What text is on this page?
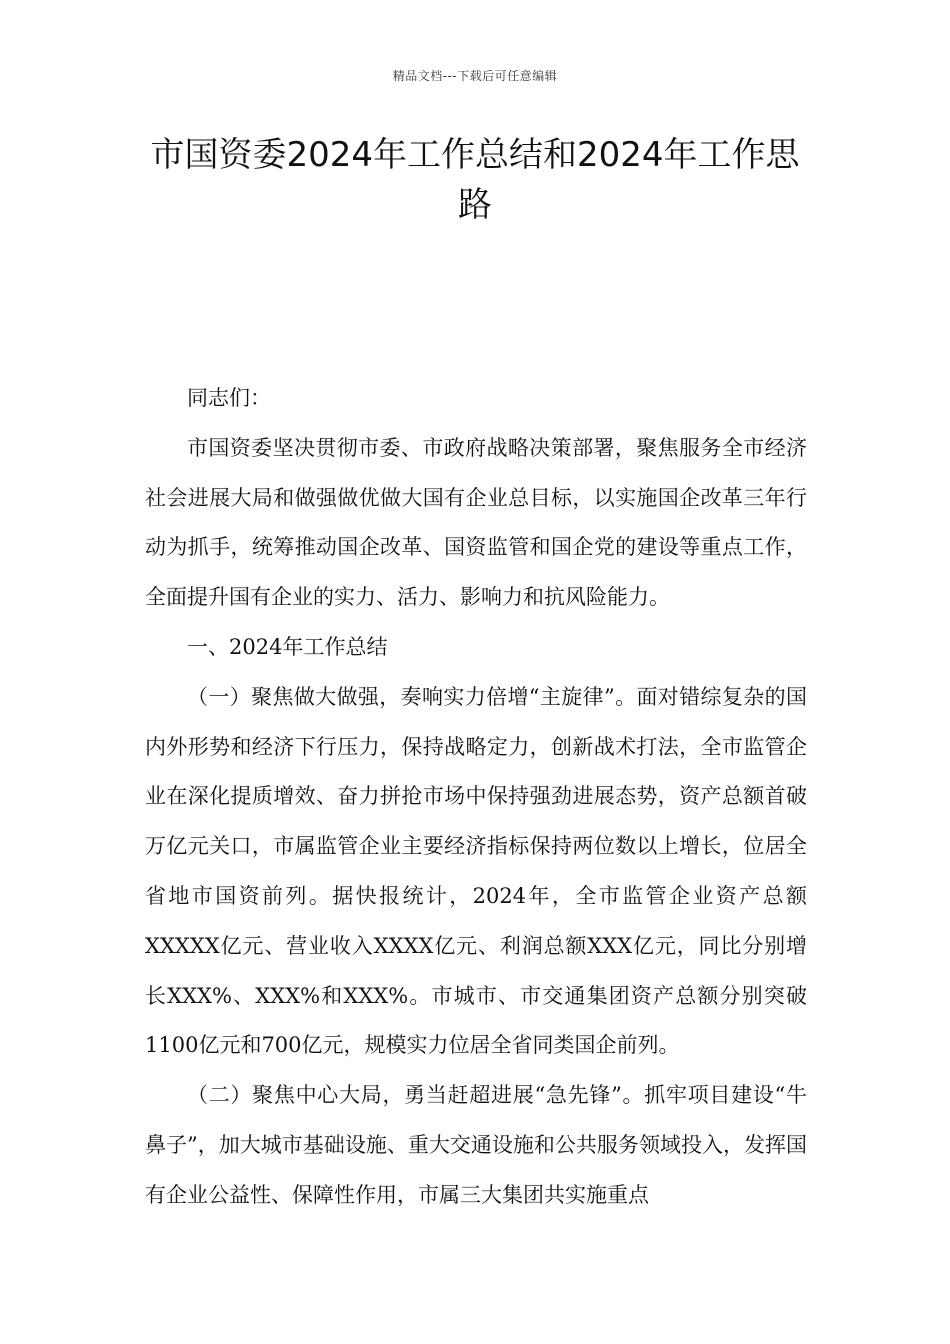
精品文档---下载后可任意编辑
市国资委2024年工作总结和2024年工作思路

同志们：

市国资委坚决贯彻市委、市政府战略决策部署，聚焦服务全市经济社会进展大局和做强做优做大国有企业总目标，以实施国企改革三年行动为抓手，统筹推动国企改革、国资监管和国企党的建设等重点工作，全面提升国有企业的实力、活力、影响力和抗风险能力。

一、2024年工作总结

（一）聚焦做大做强，奏响实力倍增“主旋律”。面对错综复杂的国内外形势和经济下行压力，保持战略定力，创新战术打法，全市监管企业在深化提质增效、奋力拼抢市场中保持强劲进展态势，资产总额首破万亿元关口，市属监管企业主要经济指标保持两位数以上增长，位居全省地市国资前列。据快报统计，2024年，全市监管企业资产总额XXXXX亿元、营业收入XXXX亿元、利润总额XXX亿元，同比分别增长XXX%、XXX%和XXX%。市城市、市交通集团资产总额分别突破1100亿元和700亿元，规模实力位居全省同类国企前列。

（二）聚焦中心大局，勇当赶超进展“急先锋”。抓牢项目建设“牛鼻子”，加大城市基础设施、重大交通设施和公共服务领域投入，发挥国有企业公益性、保障性作用，市属三大集团共实施重点
